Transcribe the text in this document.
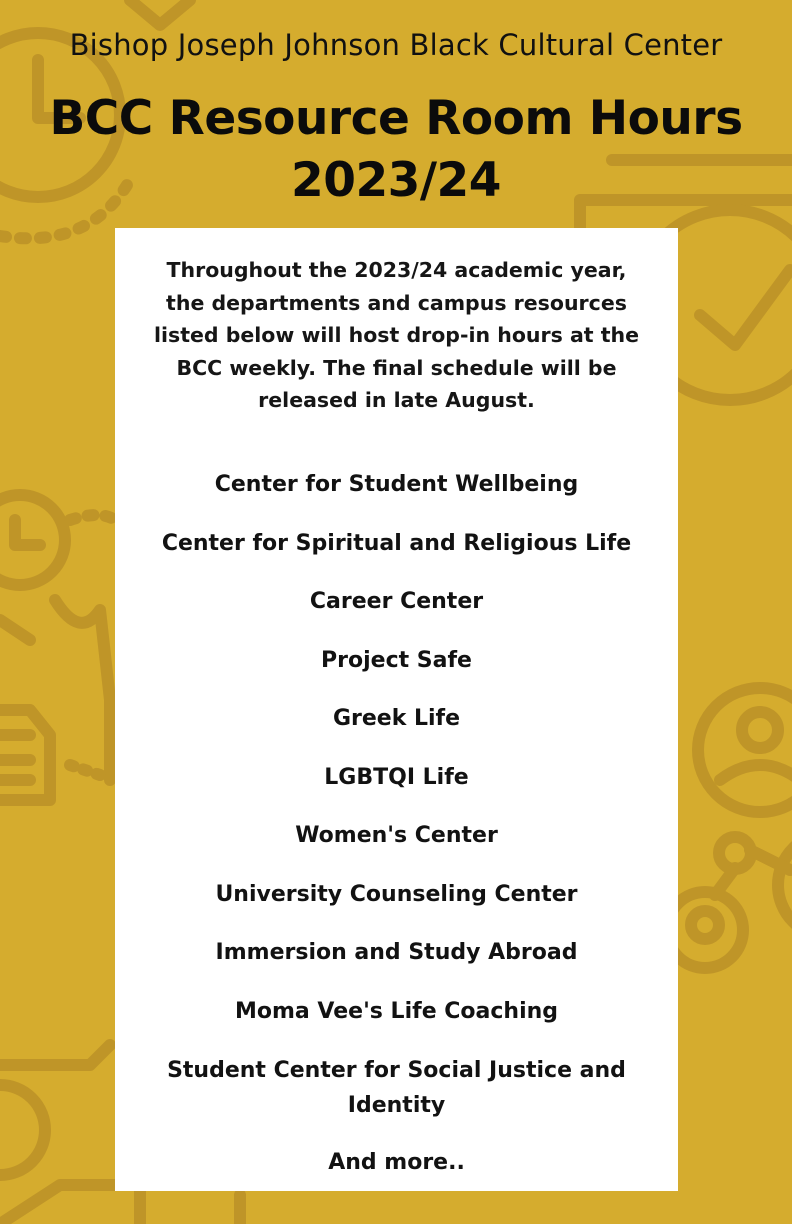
Bishop Joseph Johnson Black Cultural Center
BCC Resource Room Hours
2023/24
Throughout the 2023/24 academic year, the departments and campus resources listed below will host drop-in hours at the BCC weekly. The final schedule will be released in late August.
Center for Student Wellbeing
Center for Spiritual and Religious Life
Career Center
Project Safe
Greek Life
LGBTQI Life
Women's Center
University Counseling Center
Immersion and Study Abroad
Moma Vee's Life Coaching
Student Center for Social Justice and Identity
And more..
